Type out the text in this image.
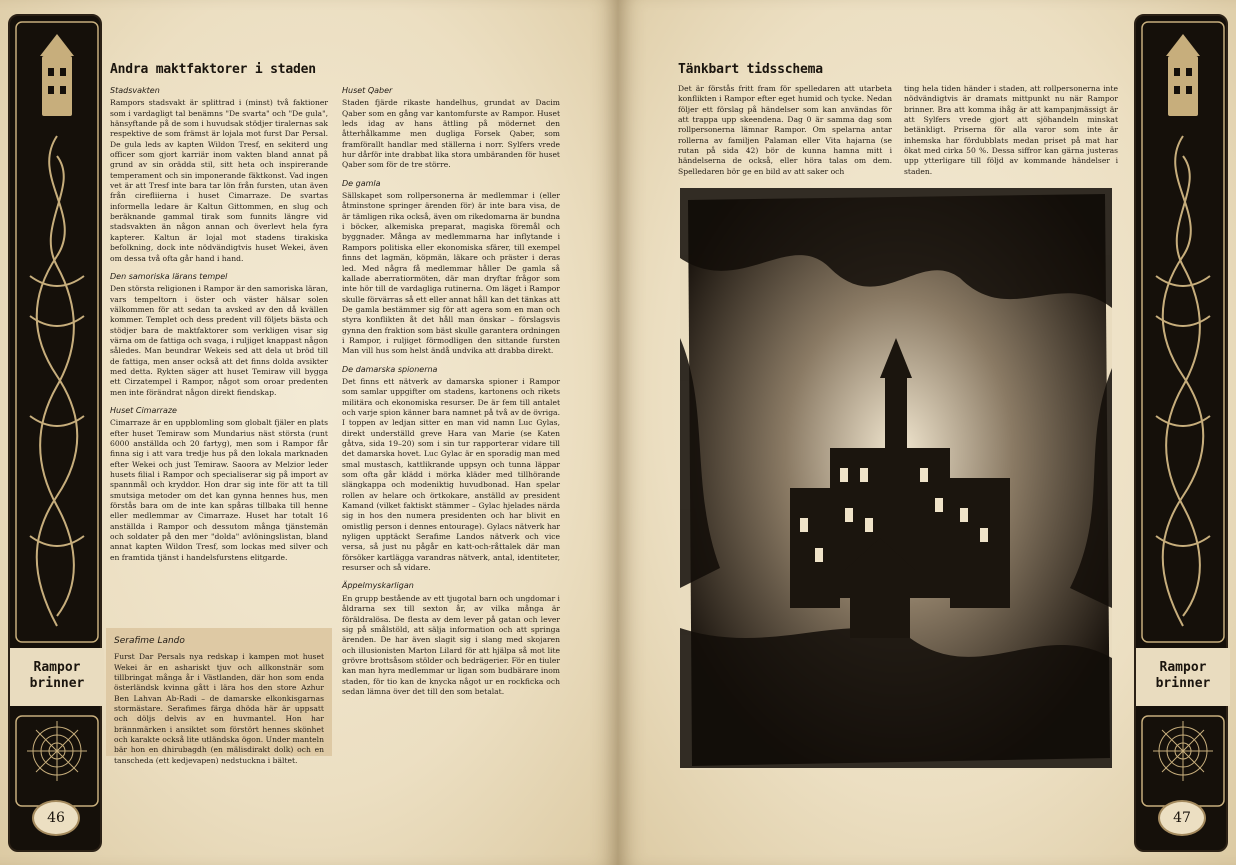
Rampor
brinner
46
Andra maktfaktorer i staden
Stadsvakten

Rampors stadsvakt är splittrad i (minst) två faktioner som i vardagligt tal benämns "De svarta" och "De gula", hänsyftande på de som i huvudsak stödjer tiralernas sak respektive de som främst är lojala mot furst Dar Persal. De gula leds av kapten Wildon Tresf, en sekiterd ung officer som gjort karriär inom vakten bland annat på grund av sin oräddа stil, sitt heta och inspirerande temperament och sin imponerande fäktkonst. Vad ingen vet är att Tresf inte bara tar lön från fursten, utan även från cirefliierna i huset Cimarraze. De svartas informella ledare är Kaltun Gittommen, en slug och beräknande gammal tirak som funnits längre vid stadsvakten än någon annan och överlevt hela fyra kapterer. Kaltun är lojal mot stadens tirakiska befolkning, dock inte nödvändigtvis huset Wekei, även om dessa två ofta går hand i hand.

Den samoriska lärans tempel

Den största religionen i Rampor är den samoriska läran, vars tempeltorn i öster och väster hälsar solen välkommen för att sedan ta avsked av den då kvällen kommer. Templet och dess predent vill följets bästa och stödjer bara de maktfaktorer som verkligen visar sig värna om de fattiga och svaga, i ruljiget knappast någon således. Man beundrar Wekeis sed att dela ut bröd till de fattiga, men anser också att det finns dolda avsikter med detta. Rykten säger att huset Temiraw vill bygga ett Cirzatempel i Rampor, något som oroar predenten men inte förändrat någon direkt fiendskap.

Huset Cimarraze

Cimarraze är en uppblomling som globalt fjäler en plats efter huset Temiraw som Mundarius näst största (runt 6000 anställda och 20 fartyg), men som i Rampor får finna sig i att vara tredje hus på den lokala marknaden efter Wekei och just Temiraw. Saoora av Melzior leder husets filial i Rampor och specialiserar sig på import av spannmål och kryddor. Hon drar sig inte för att ta till smutsiga metoder om det kan gynna hennes hus, men förstås bara om de inte kan spåras tillbaka till henne eller medlemmar av Cimarraze. Huset har totalt 16 anställda i Rampor och dessutom många tjänstemän och soldater på den mer "dolda" avlöningslistan, bland annat kapten Wildon Tresf, som lockas med silver och en framtida tjänst i handelsfurstens elitgarde.

Serafime Lando

Furst Dar Persals nya redskap i kampen mot huset Wekei är en ashariskt tjuv och allkonstnär som tillbringat många år i Västlanden, där hon som enda österländsk kvinna gått i lära hos den store Azhur Ben Lahvan Ab-Radi – de damarske elkonkisgarnas stormästare. Serafimes färga dhöda här är uppsatt och döljs delvis av en huvmantel. Hon har brännmärken i ansiktet som förstört hennes skönhet och karakte också lite utländska ögon. Under manteln bär hon en dhirubagdh (en mälisdirakt dolk) och en tanscheda (ett kedjevapen) nedstuckna i bältet.

Huset Qaber

Staden fjärde rikaste handelhus, grundat av Dacim Qaber som en gång var kantomfurste av Rampor. Huset leds idag av hans ättling på mödernet den åtterhålkamme men dugliga Forsek Qaber, som framförallt handlar med ställerna i norr. Sylfers vrede hur dårför inte drabbat lika stora umbäranden för huset Qaber som för de tre större.

De gamla

Sällskapet som rollpersonerna är medlemmar i (eller åtminstone springer ärenden för) är inte bara visa, de är tämligen rika också, även om rikedomarna är bundna i böcker, alkemiska preparat, magiska föremål och byggnader. Många av medlemmarna har inflytande i Rampors politiska eller ekonomiska sfärer, till exempel finns det lagmän, köpmän, läkare och präster i deras led. Med några få medlemmar håller De gamla så kallade aberratiormöten, där man dryftar frågor som inte hör till de vardagliga rutinerna. Om läget i Rampor skulle förvärras så ett eller annat håll kan det tänkas att De gamla bestämmer sig för att agera som en man och styra konflikten åt det håll man önskar – förslagsvis gynna den fraktion som bäst skulle garantera ordningen i Rampor, i ruljiget förmodligen den sittande fursten Man vill hus som helst ändå undvika att drabba direkt.

De damarska spionerna

Det finns ett nätverk av damarska spioner i Rampor som samlar uppgifter om stadens, kartonens och rikets militära och ekonomiska resurser. De är fem till antalet och varje spion känner bara namnet på två av de övriga. I toppen av ledjan sitter en man vid namn Luc Gylas, direkt underställd greve Hara van Marie (se Katen gåtva, sida 19–20) som i sin tur rapporterar vidare till det damarska hovet. Luc Gylac är en sporadig man med smal mustasch, kattlikrande uppsyn och tunna läppar som ofta går klädd i mörka kläder med tillhörande slängkappa och modeniktig huvudbonad. Han spelar rollen av helare och örtkokare, anställd av president Kamand (vilket faktiskt stämmer – Gylac hjelades närda sig in hos den numera presidenten och har blivit en omistlig person i dennes entourage). Gylacs nätverk har nyligen upptäckt Serafime Landos nätverk och vice versa, så just nu pågår en katt-och-råttalek där man försöker kartlägga varandras nätverk, antal, identiteter, resurser och så vidare.

Äppelmyskarligan

En grupp bestående av ett tjugotal barn och ungdomar i åldrarna sex till sexton år, av vilka många är föräldralösa. De flesta av dem lever på gatan och lever sig på smålstöld, att sälja information och att springa ärenden. De har även slagit sig i slang med skojaren och illusionisten Marton Lilard för att hjälpa så mot lite grövre brottsåsom stölder och bedrägerier. För en tiuler kan man hyra medlemmar ur ligan som budbärare inom staden, för tio kan de knycka något ur en rockficka och sedan lämna över det till den som betalat.

Tänkbart tidsschema

Det är förstås fritt fram för spelledaren att utarbeta konflikten i Rampor efter eget humid och tycke. Nedan följer ett förslag på händelser som kan användas för att trappa upp skeendena. Dag 0 är samma dag som rollpersonerna lämnar Rampor. Om spelarna antar rollerna av familjen Palaman eller Vita hajarna (se rutan på sida 42) bör de kunna hamna mitt i händelserna de också, eller höra talas om dem. Spelledaren bör ge en bild av att saker och

ting hela tiden händer i staden, att rollpersonerna inte nödvändigtvis är dramats mittpunkt nu när Rampor brinner. Bra att komma ihåg är att kampanjmässigt är att Sylfers vrede gjort att sjöhandeln minskat betänkligt. Priserna för alla varor som inte är inhemska har fördubblats medan priset på mat har ökat med cirka 50 %. Dessa siffror kan gärna justeras upp ytterligare till följd av kommande händelser i staden.

Rampor
brinner
47
